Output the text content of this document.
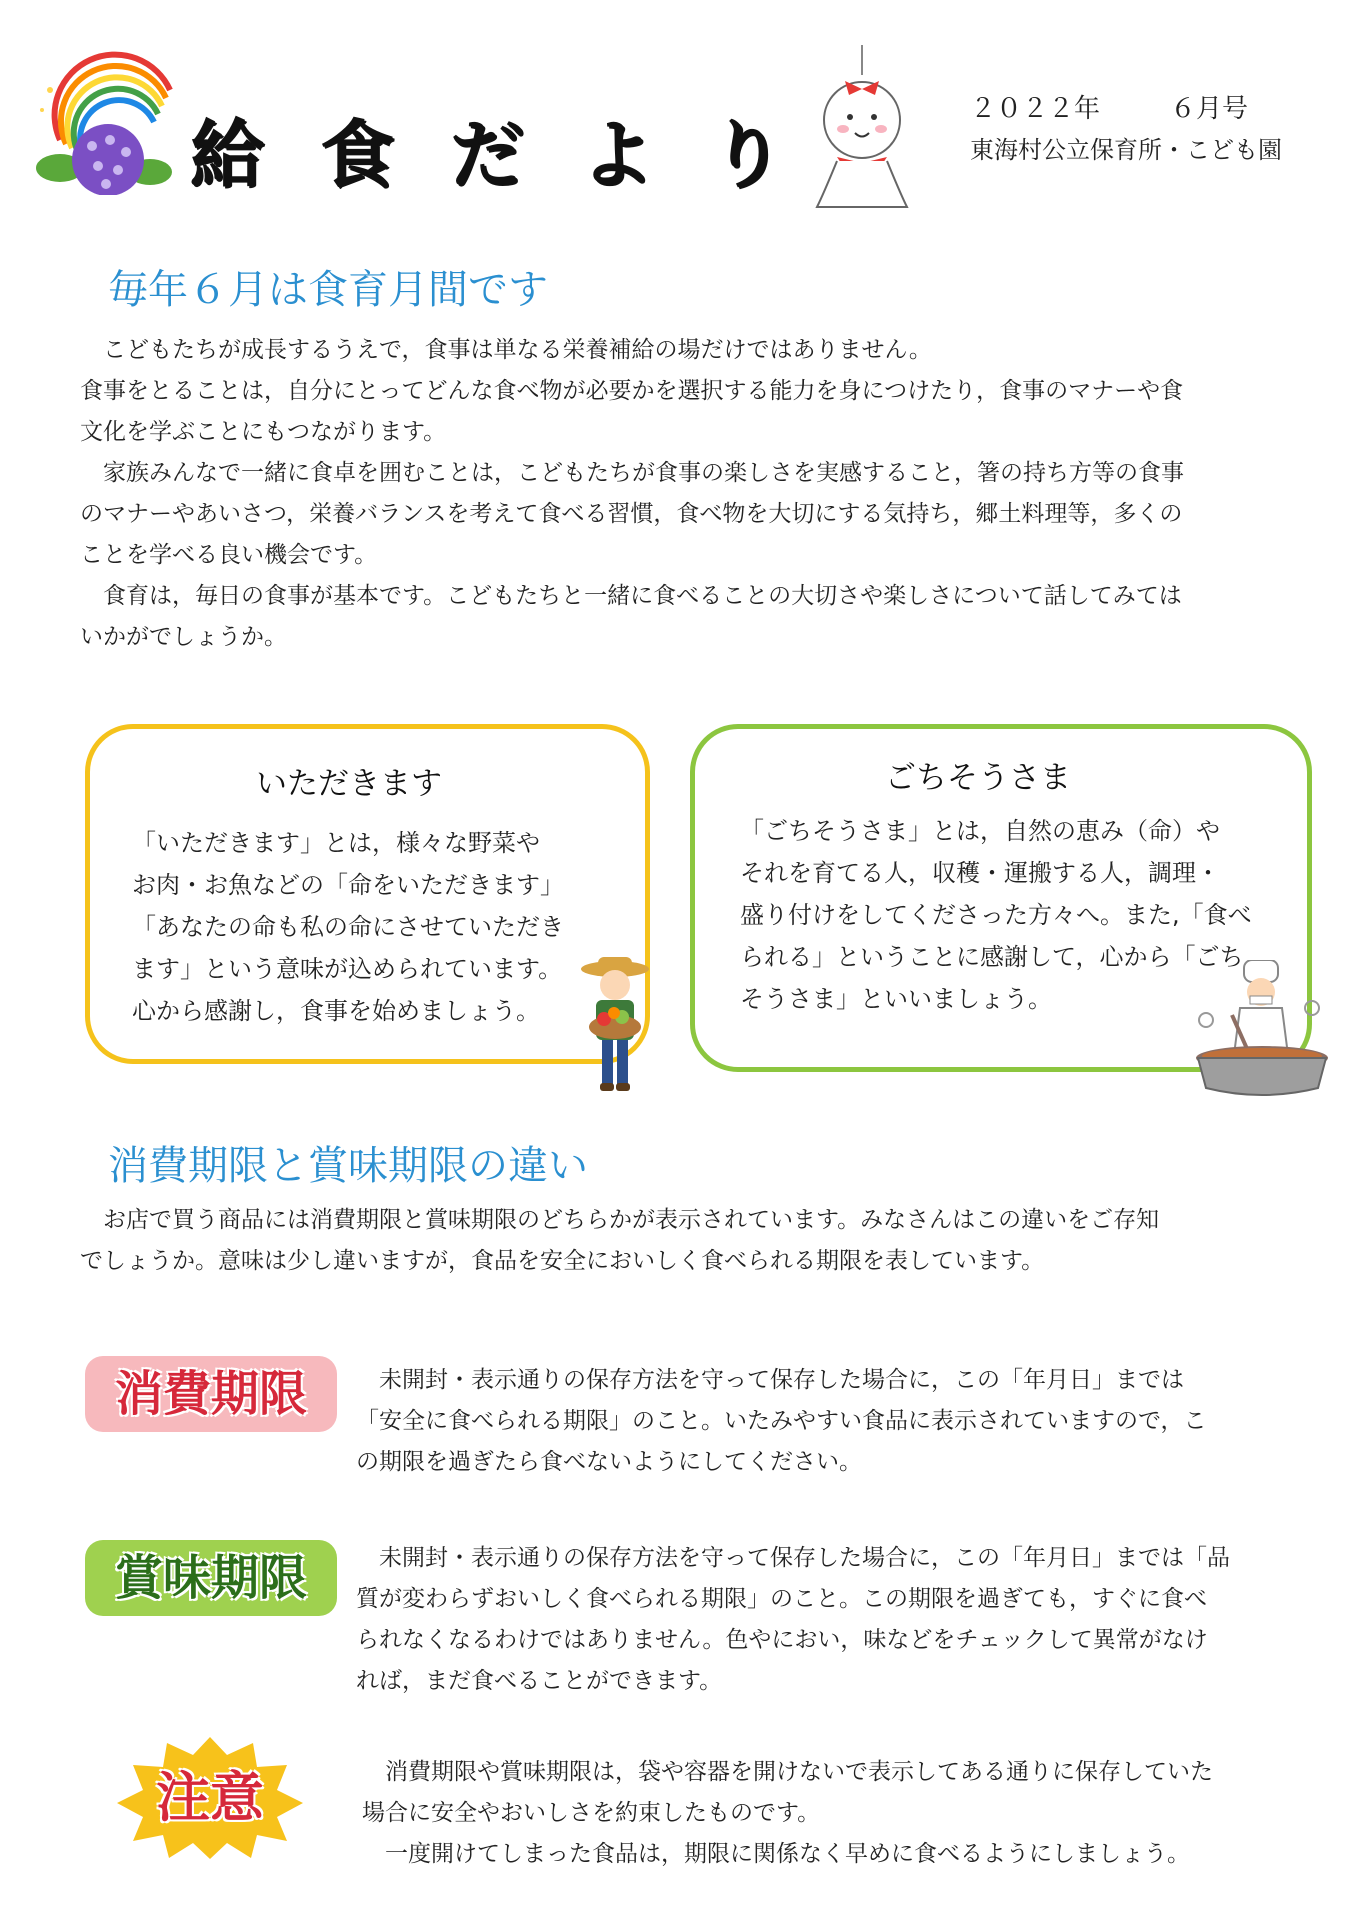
給 食 だ よ り
２０２２年	６月号
東海村公立保育所・こども園
毎年６月は食育月間です

こどもたちが成長するうえで，食事は単なる栄養補給の場だけではありません。

食事をとることは，自分にとってどんな食べ物が必要かを選択する能力を身につけたり，食事のマナーや食

文化を学ぶことにもつながります。

家族みんなで一緒に食卓を囲むことは，こどもたちが食事の楽しさを実感すること，箸の持ち方等の食事

のマナーやあいさつ，栄養バランスを考えて食べる習慣，食べ物を大切にする気持ち，郷土料理等，多くの

ことを学べる良い機会です。

食育は，毎日の食事が基本です。こどもたちと一緒に食べることの大切さや楽しさについて話してみては

いかがでしょうか。

いただきます
「いただきます」とは，様々な野菜や
お肉・お魚などの「命をいただきます」
「あなたの命も私の命にさせていただき
ます」という意味が込められています。
心から感謝し，食事を始めましょう。
ごちそうさま
「ごちそうさま」とは，自然の恵み（命）や
それを育てる人，収穫・運搬する人，調理・
盛り付けをしてくださった方々へ。また,「食べ
られる」ということに感謝して，心から「ごち
そうさま」といいましょう。
消費期限と賞味期限の違い

お店で買う商品には消費期限と賞味期限のどちらかが表示されています。みなさんはこの違いをご存知

でしょうか。意味は少し違いますが，食品を安全においしく食べられる期限を表しています。

消費期限	未開封・表示通りの保存方法を守って保存した場合に，この「年月日」までは

「安全に食べられる期限」のこと。いたみやすい食品に表示されていますので，こ

の期限を過ぎたら食べないようにしてください。

賞味期限	未開封・表示通りの保存方法を守って保存した場合に，この「年月日」までは「品

質が変わらずおいしく食べられる期限」のこと。この期限を過ぎても，すぐに食べ

られなくなるわけではありません。色やにおい，味などをチェックして異常がなけ

れば，まだ食べることができます。

注意	消費期限や賞味期限は，袋や容器を開けないで表示してある通りに保存していた

場合に安全やおいしさを約束したものです。

一度開けてしまった食品は，期限に関係なく早めに食べるようにしましょう。
